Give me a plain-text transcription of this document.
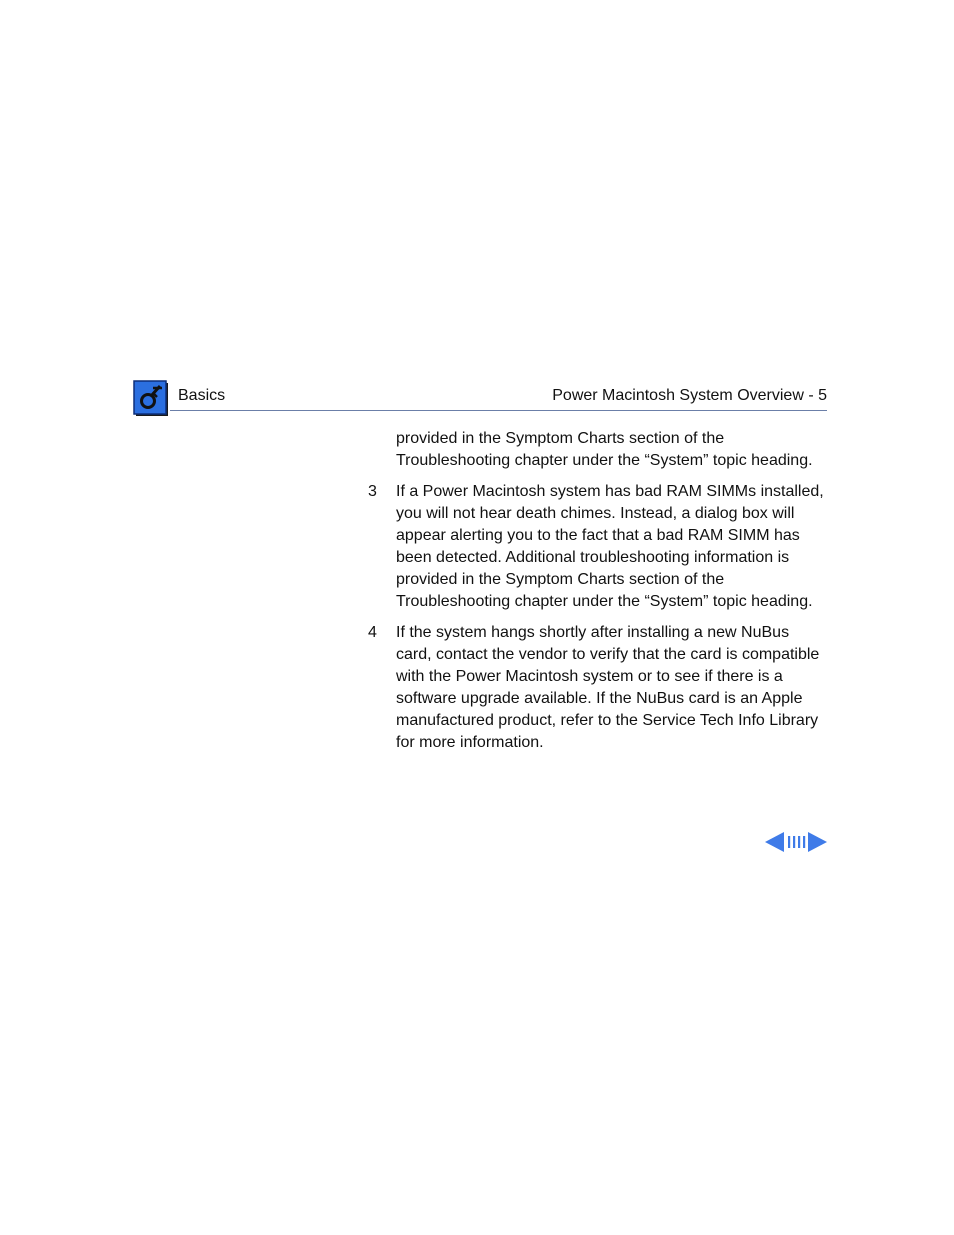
Basics	Power Macintosh System Overview - 5

provided in the Symptom Charts section of the Troubleshooting chapter under the “System” topic heading.

3 If a Power Macintosh system has bad RAM SIMMs installed, you will not hear death chimes. Instead, a dialog box will appear alerting you to the fact that a bad RAM SIMM has been detected. Additional troubleshooting information is provided in the Symptom Charts section of the Troubleshooting chapter under the “System” topic heading.
4 If the system hangs shortly after installing a new NuBus card, contact the vendor to verify that the card is compatible with the Power Macintosh system or to see if there is a software upgrade available. If the NuBus card is an Apple manufactured product, refer to the Service Tech Info Library for more information.
